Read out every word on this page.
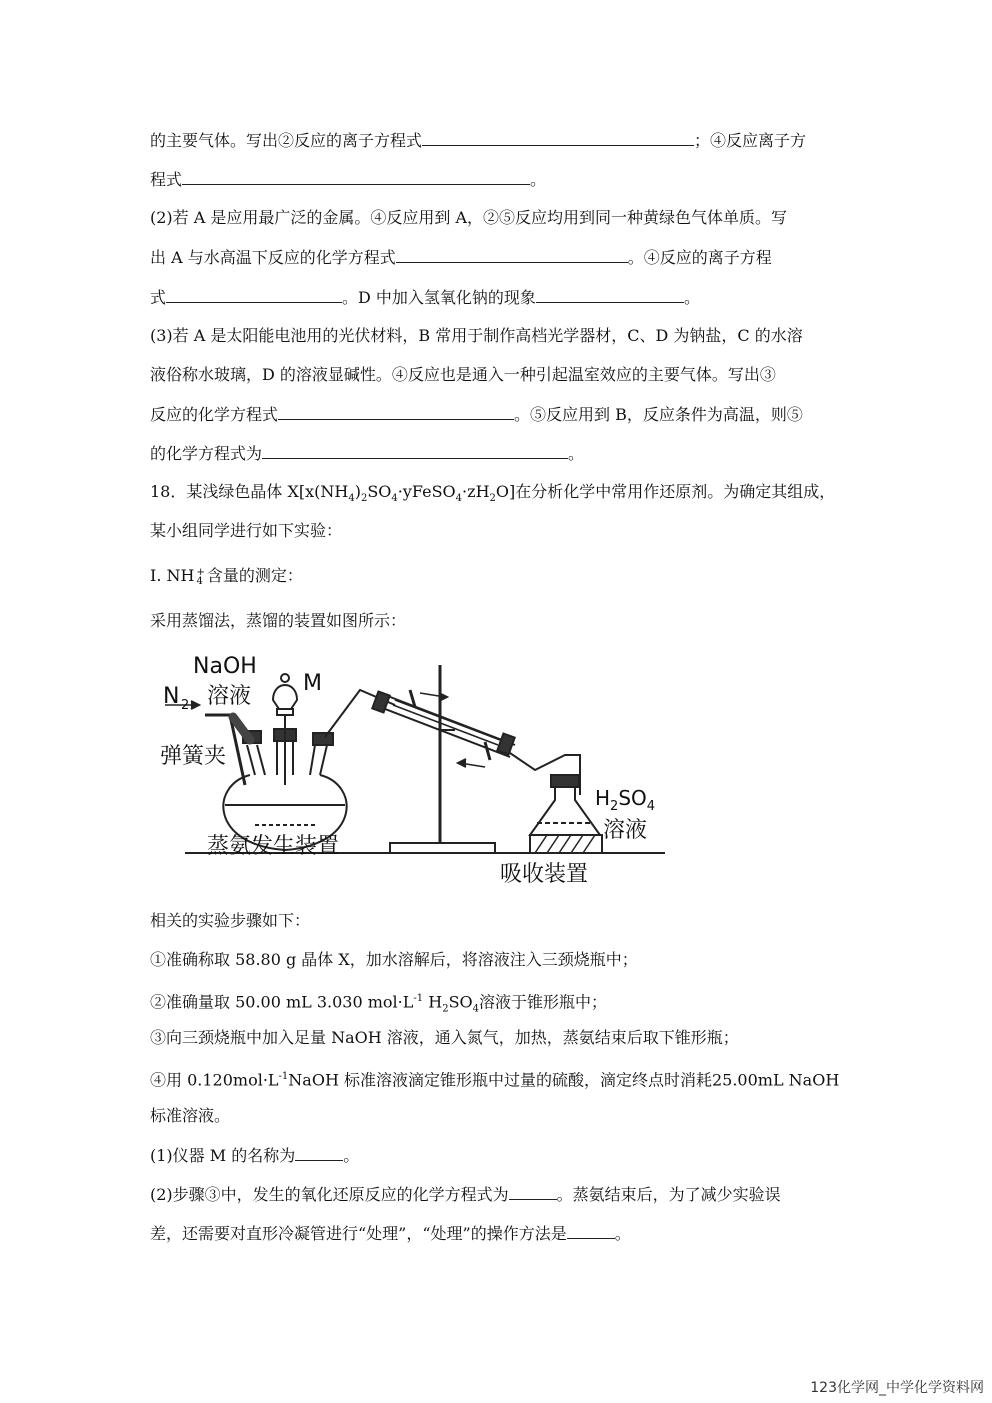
的主要气体。写出②反应的离子方程式	；④反应离子方
程式	。
(2)若 A 是应用最广泛的金属。④反应用到 A，②⑤反应均用到同一种黄绿色气体单质。写
出 A 与水高温下反应的化学方程式	。④反应的离子方程
式	。D 中加入氢氧化钠的现象	。
(3)若 A 是太阳能电池用的光伏材料，B 常用于制作高档光学器材，C、D 为钠盐，C 的水溶
液俗称水玻璃，D 的溶液显碱性。④反应也是通入一种引起温室效应的主要气体。写出③
反应的化学方程式	。⑤反应用到 B，反应条件为高温，则⑤
的化学方程式为	。
18．某浅绿色晶体 $X[x(NH_4)_2SO_4\cdot yFeSO_4\cdot zH_2O]$在分析化学中常用作还原剂。为确定其组成，
某小组同学进行如下实验：
I. NH +
4 含量的测定：
采用蒸馏法，蒸馏的装置如图所示：
NaOH
溶液
M
N 2
弹簧夹
蒸氨发生装置
$H_2SO_4$
溶液
吸收装置
相关的实验步骤如下：
①准确称取 58.80 g 晶体 X，加水溶解后，将溶液注入三颈烧瓶中；
②准确量取 50.00 mL 3.030 $mol\cdot L^{-1}$ $H_2SO_4$溶液于锥形瓶中；
③向三颈烧瓶中加入足量 NaOH 溶液，通入氮气，加热，蒸氨结束后取下锥形瓶；
④用 $0.120mol\cdot L^{-1}NaOH$ 标准溶液滴定锥形瓶中过量的硫酸，滴定终点时消耗25.00mL NaOH
标准溶液。
(1)仪器 M 的名称为	。
(2)步骤③中，发生的氧化还原反应的化学方程式为	。蒸氨结束后，为了减少实验误
差，还需要对直形冷凝管进行“处理”，“处理”的操作方法是	。
123化学网_中学化学资料网
